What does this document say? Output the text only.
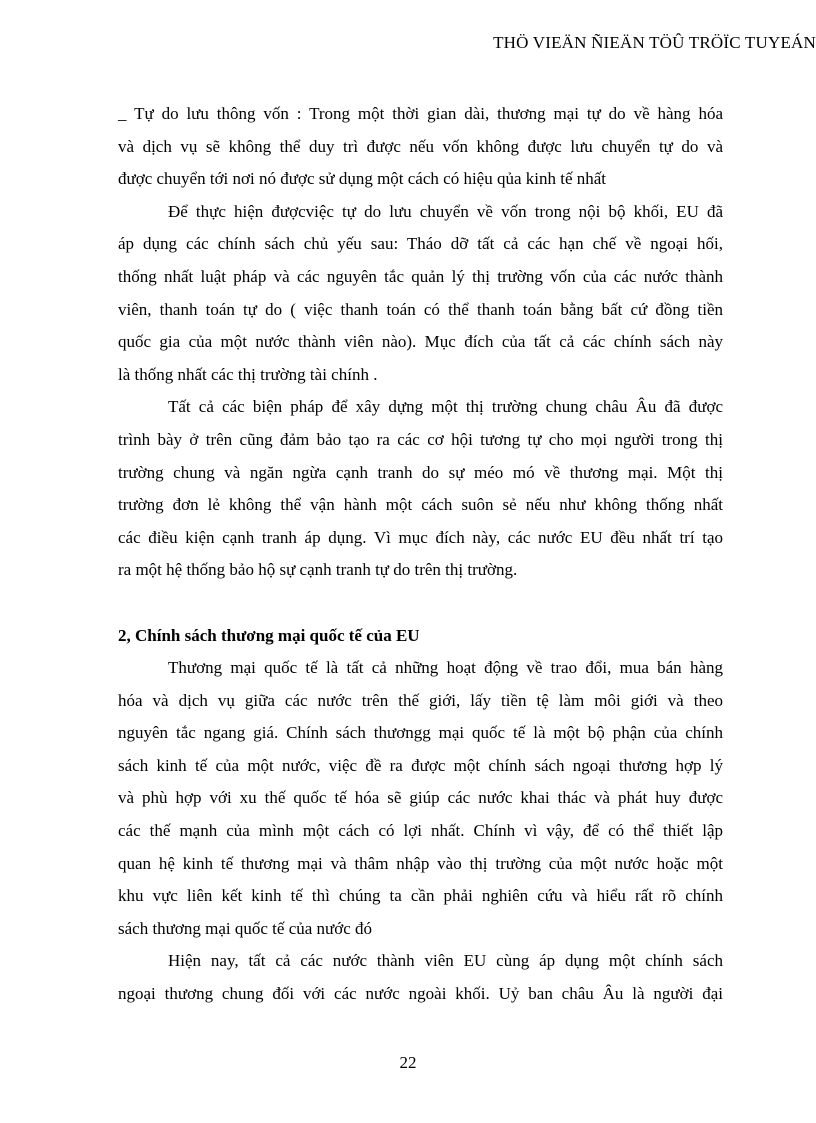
THÖ VIEÄN ÑIEÄN TÖÛ TRÖÏC TUYEÁN
_ Tự do lưu thông vốn : Trong một thời gian dài, thương mại tự do về hàng hóa
và dịch vụ sẽ không thể duy trì được nếu vốn không được lưu chuyển tự do và
được chuyển tới nơi nó được sử dụng một cách có hiệu qủa kinh tế nhất
Để thực hiện đượcviệc tự do lưu chuyển về vốn trong nội bộ khối, EU đã
áp dụng các chính sách chủ yếu sau: Tháo dỡ tất cả các hạn chế về ngoại hối,
thống nhất luật pháp và các nguyên tắc quản lý thị trường vốn của các nước thành
viên, thanh toán tự do ( việc thanh toán có thể thanh toán bằng bất cứ đồng tiền
quốc gia của một nước thành viên nào). Mục đích của tất cả các chính sách này
là thống nhất các thị trường tài chính .
Tất cả các biện pháp để xây dựng một thị trường chung châu Âu đã được
trình bày ở trên cũng đảm bảo tạo ra các cơ hội tương tự cho mọi người trong thị
trường chung và ngăn ngừa cạnh tranh do sự méo mó về thương mại. Một thị
trường đơn lẻ không thể vận hành một cách suôn sẻ nếu như không thống nhất
các điều kiện cạnh tranh áp dụng. Vì mục đích này, các nước EU đều nhất trí tạo
ra một hệ thống bảo hộ sự cạnh tranh tự do trên thị trường.
2, Chính sách thương mại quốc tế của EU
Thương mại quốc tế là tất cả những hoạt động về trao đổi, mua bán hàng
hóa và dịch vụ giữa các nước trên thế giới, lấy tiền tệ làm môi giới và theo
nguyên tắc ngang giá. Chính sách thươngg mại quốc tế là một bộ phận của chính
sách kinh tế của một nước, việc đề ra được một chính sách ngoại thương hợp lý
và phù hợp với xu thế quốc tế hóa sẽ giúp các nước khai thác và phát huy được
các thế mạnh của mình một cách có lợi nhất. Chính vì vậy, để có thể thiết lập
quan hệ kinh tế thương mại và thâm nhập vào thị trường của một nước hoặc một
khu vực liên kết kinh tế thì chúng ta cần phải nghiên cứu và hiểu rất rõ chính
sách thương mại quốc tế của nước đó
Hiện nay, tất cả các nước thành viên EU cùng áp dụng một chính sách
ngoại thương chung đối với các nước ngoài khối. Uỷ ban châu Âu là người đại
22
